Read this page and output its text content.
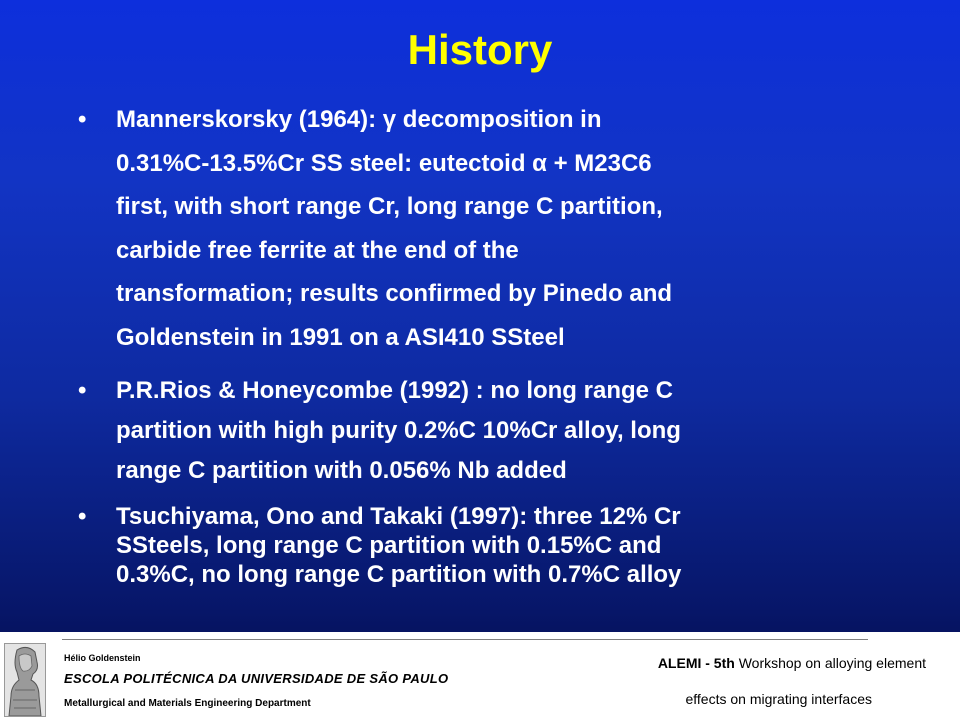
History
• Mannerskorsky (1964): γ decomposition in
0.31%C-13.5%Cr SS steel: eutectoid α + M23C6
first, with short range Cr, long range C partition,
carbide free ferrite at the end of the
transformation; results confirmed by Pinedo and
Goldenstein in 1991 on a ASI410 SSteel
• P.R.Rios & Honeycombe (1992) : no long range C
partition with high purity 0.2%C 10%Cr alloy, long
range C partition with 0.056% Nb added
• Tsuchiyama, Ono and Takaki (1997): three 12% Cr
SSteels, long range C partition with 0.15%C and
0.3%C, no long range C partition with 0.7%C alloy
Hélio Goldenstein
ESCOLA POLITÉCNICA DA UNIVERSIDADE DE SÃO PAULO
Metallurgical and Materials Engineering Department
ALEMI - 5th Workshop on alloying element
effects on migrating interfaces
